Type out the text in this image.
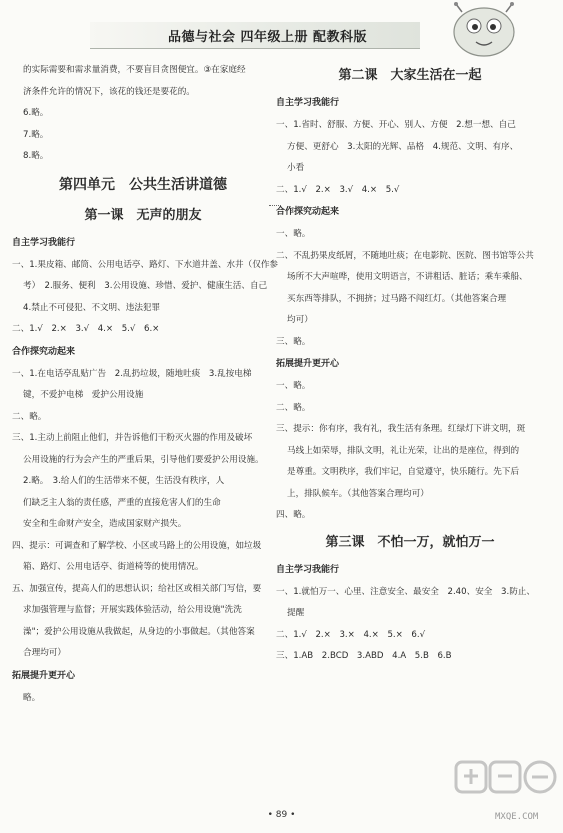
品德与社会 四年级上册 配教科版
的实际需要和需求量消费，不要盲目贪图便宜。③在家庭经
济条件允许的情况下，该花的钱还是要花的。
6.略。
7.略。
8.略。
第四单元　公共生活讲道德
第一课　无声的朋友
自主学习我能行
一、1.果皮箱、邮筒、公用电话亭、路灯、下水道井盖、水井（仅作参
考）　2.服务、便利　3.公用设施、珍惜、爱护、健康生活、自己
4.禁止不可侵犯、不文明、违法犯罪
二、1.√　2.×　3.√　4.×　5.√　6.×
合作探究动起来
一、1.在电话亭乱贴广告　2.乱扔垃圾，随地吐痰　3.乱按电梯
键，不爱护电梯　爱护公用设施
二、略。
三、1.主动上前阻止他们，并告诉他们干粉灭火器的作用及破坏
公用设施的行为会产生的严重后果，引导他们要爱护公用设施。
2.略。　3.给人们的生活带来不便，生活没有秩序，人
们缺乏主人翁的责任感，严重的直接危害人们的生命
安全和生命财产安全，造成国家财产损失。
四、提示：可调查和了解学校、小区或马路上的公用设施，如垃圾
箱、路灯、公用电话亭、街道椅等的使用情况。
五、加强宣传，提高人们的思想认识；给社区或相关部门写信，要
求加强管理与监督；开展实践体验活动，给公用设施"洗洗
澡"；爱护公用设施从我做起，从身边的小事做起。（其他答案
合理均可）
拓展提升更开心
略。
第二课　大家生活在一起
自主学习我能行
一、1.省时、舒服、方便、开心、别人、方便　2.想一想、自己
方便、更舒心　3.太阳的光辉、品格　4.规范、文明、有序、
小看
二、1.√　2.×　3.√　4.×　5.√
合作探究动起来
一、略。
二、不乱扔果皮纸屑，不随地吐痰；在电影院、医院、图书馆等公共
场所不大声喧哗，使用文明语言，不讲粗话、脏话；乘车乘船、
买东西等排队，不拥挤；过马路不闯红灯。（其他答案合理
均可）
三、略。
拓展提升更开心
一、略。
二、略。
三、提示：你有序，我有礼，我生活有条理。红绿灯下讲文明，斑
马线上如荣辱，排队文明，礼让光荣，让出的是座位，得到的
是尊重。文明秩序，我们牢记，自觉遵守，快乐随行。先下后
上，排队候车。（其他答案合理均可）
四、略。
第三课　不怕一万，就怕万一
自主学习我能行
一、1.就怕万一、心里、注意安全、最安全　2.40、安全　3.防止、
提醒
二、1.√　2.×　3.×　4.×　5.×　6.√
三、1.AB　2.BCD　3.ABD　4.A　5.B　6.B
• 89 •	MXQE.COM
